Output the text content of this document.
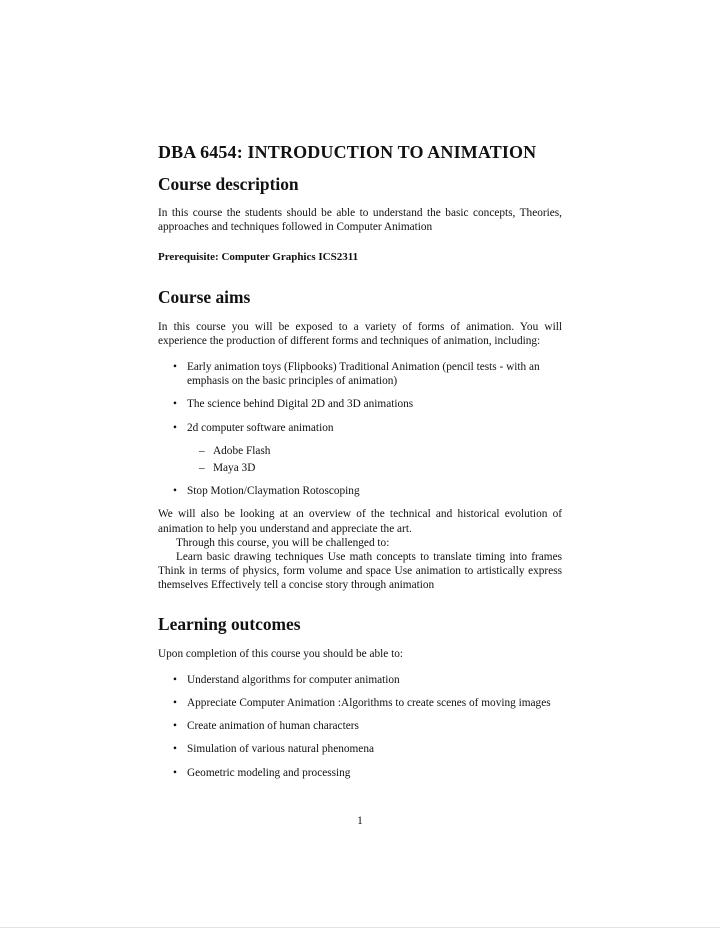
DBA 6454: INTRODUCTION TO ANIMATION
Course description

In this course the students should be able to understand the basic concepts, Theories, approaches and techniques followed in Computer Animation

Prerequisite: Computer Graphics ICS2311

Course aims

In this course you will be exposed to a variety of forms of animation. You will experience the production of different forms and techniques of animation, including:

• Early animation toys (Flipbooks) Traditional Animation (pencil tests - with an emphasis on the basic principles of animation)
• The science behind Digital 2D and 3D animations
• 2d computer software animation
– Adobe Flash
– Maya 3D
• Stop Motion/Claymation Rotoscoping

We will also be looking at an overview of the technical and historical evolution of animation to help you understand and appreciate the art.

Through this course, you will be challenged to:

Learn basic drawing techniques Use math concepts to translate timing into frames Think in terms of physics, form volume and space Use animation to artistically express themselves Effectively tell a concise story through animation

Learning outcomes

Upon completion of this course you should be able to:

• Understand algorithms for computer animation
• Appreciate Computer Animation :Algorithms to create scenes of moving images
• Create animation of human characters
• Simulation of various natural phenomena
• Geometric modeling and processing
1
